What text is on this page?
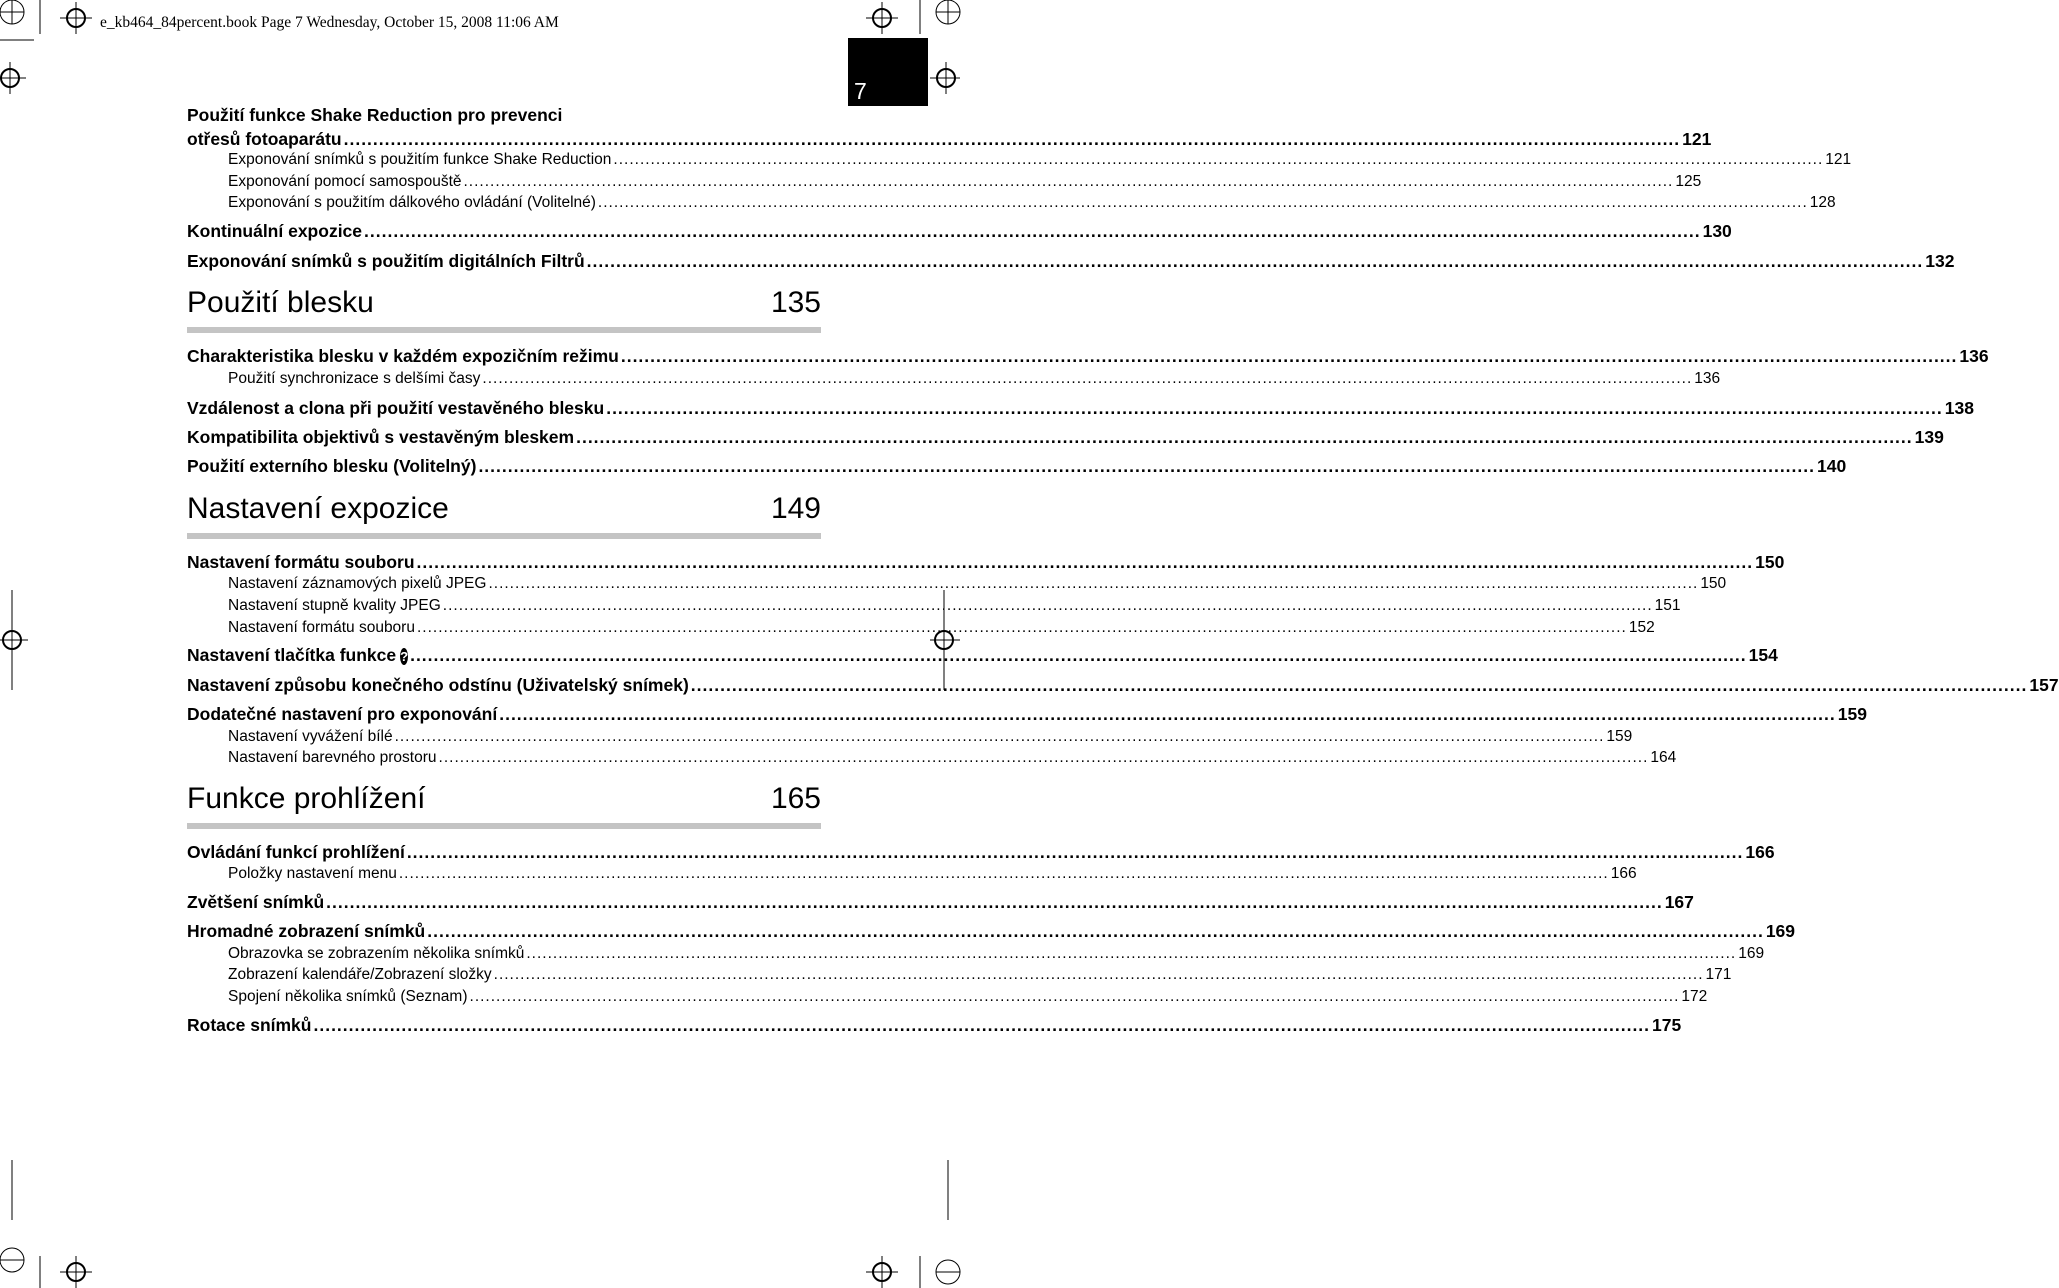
e_kb464_84percent.book Page 7 Wednesday, October 15, 2008 11:06 AM
7
Použití funkce Shake Reduction pro prevenci
otřesů fotoaparátu .................................................................................................................................................................................................................................... 121
Exponování snímků s použitím funkce Shake Reduction .................................................................................................................................................................................................................................... 121
Exponování pomocí samospouště .................................................................................................................................................................................................................................... 125
Exponování s použitím dálkového ovládání (Volitelné) .................................................................................................................................................................................................................................... 128
Kontinuální expozice .................................................................................................................................................................................................................................... 130
Exponování snímků s použitím digitálních Filtrů .................................................................................................................................................................................................................................... 132
Použití blesku	135
Charakteristika blesku v každém expozičním režimu .................................................................................................................................................................................................................................... 136
Použití synchronizace s delšími časy .................................................................................................................................................................................................................................... 136
Vzdálenost a clona při použití vestavěného blesku .................................................................................................................................................................................................................................... 138
Kompatibilita objektivů s vestavěným bleskem .................................................................................................................................................................................................................................... 139
Použití externího blesku (Volitelný) .................................................................................................................................................................................................................................... 140
Nastavení expozice	149
Nastavení formátu souboru .................................................................................................................................................................................................................................... 150
Nastavení záznamových pixelů JPEG .................................................................................................................................................................................................................................... 150
Nastavení stupně kvality JPEG .................................................................................................................................................................................................................................... 151
Nastavení formátu souboru .................................................................................................................................................................................................................................... 152
Nastavení tlačítka funkce ? .................................................................................................................................................................................................................................... 154
Nastavení způsobu konečného odstínu (Uživatelský snímek) .................................................................................................................................................................................................................................... 157
Dodatečné nastavení pro exponování .................................................................................................................................................................................................................................... 159
Nastavení vyvážení bílé .................................................................................................................................................................................................................................... 159
Nastavení barevného prostoru .................................................................................................................................................................................................................................... 164
Funkce prohlížení	165
Ovládání funkcí prohlížení .................................................................................................................................................................................................................................... 166
Položky nastavení menu .................................................................................................................................................................................................................................... 166
Zvětšení snímků .................................................................................................................................................................................................................................... 167
Hromadné zobrazení snímků .................................................................................................................................................................................................................................... 169
Obrazovka se zobrazením několika snímků .................................................................................................................................................................................................................................... 169
Zobrazení kalendáře/Zobrazení složky .................................................................................................................................................................................................................................... 171
Spojení několika snímků (Seznam) .................................................................................................................................................................................................................................... 172
Rotace snímků .................................................................................................................................................................................................................................... 175
